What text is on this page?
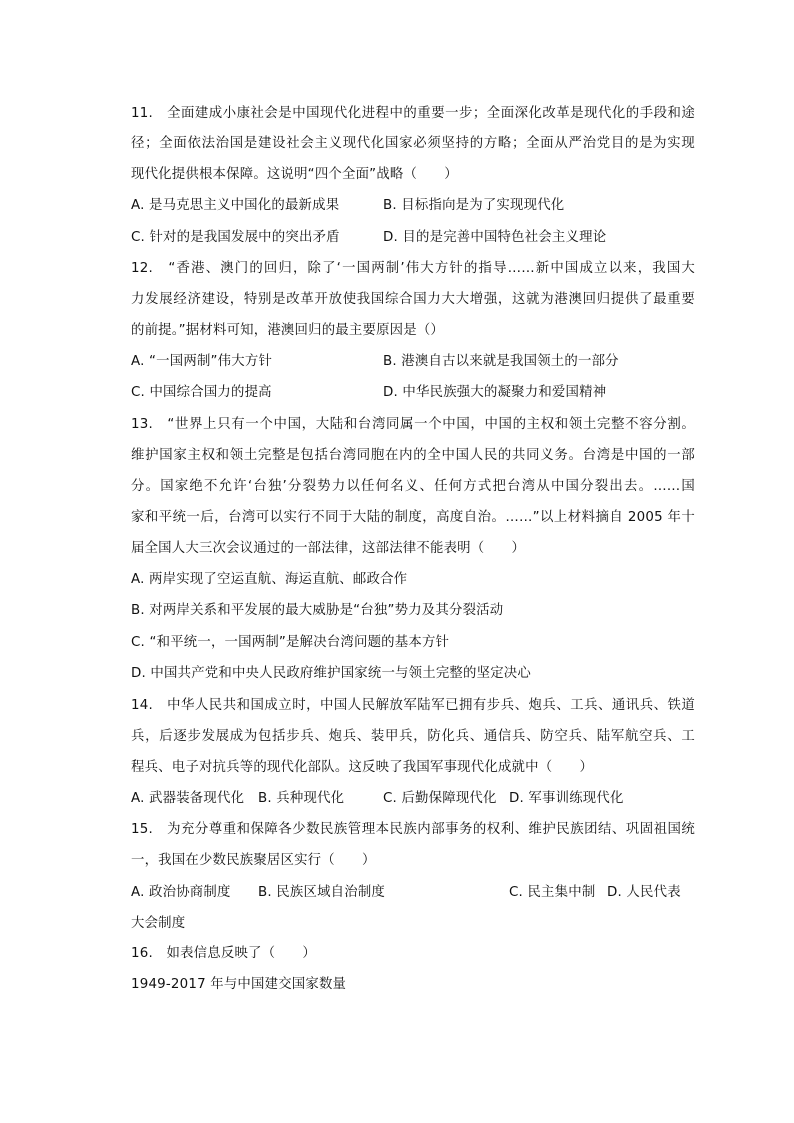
11.　全面建成小康社会是中国现代化进程中的重要一步；全面深化改革是现代化的手段和途
径；全面依法治国是建设社会主义现代化国家必须坚持的方略；全面从严治党目的是为实现
现代化提供根本保障。这说明“四个全面”战略（　　）
A. 是马克思主义中国化的最新成果	B. 目标指向是为了实现现代化
C. 针对的是我国发展中的突出矛盾	D. 目的是完善中国特色社会主义理论
12.　“香港、澳门的回归，除了‘一国两制’伟大方针的指导……新中国成立以来，我国大
力发展经济建设，特别是改革开放使我国综合国力大大增强，这就为港澳回归提供了最重要
的前提。”据材料可知，港澳回归的最主要原因是（）
A. “一国两制”伟大方针	B. 港澳自古以来就是我国领土的一部分
C. 中国综合国力的提高	D. 中华民族强大的凝聚力和爱国精神
13.　“世界上只有一个中国，大陆和台湾同属一个中国，中国的主权和领土完整不容分割。
维护国家主权和领土完整是包括台湾同胞在内的全中国人民的共同义务。台湾是中国的一部
分。国家绝不允许‘台独’分裂势力以任何名义、任何方式把台湾从中国分裂出去。……国
家和平统一后，台湾可以实行不同于大陆的制度，高度自治。……”以上材料摘自 2005 年十
届全国人大三次会议通过的一部法律，这部法律不能表明（　　）
A. 两岸实现了空运直航、海运直航、邮政合作
B. 对两岸关系和平发展的最大威胁是“台独”势力及其分裂活动
C. “和平统一，一国两制”是解决台湾问题的基本方针
D. 中国共产党和中央人民政府维护国家统一与领土完整的坚定决心
14.　中华人民共和国成立时，中国人民解放军陆军已拥有步兵、炮兵、工兵、通讯兵、铁道
兵，后逐步发展成为包括步兵、炮兵、装甲兵，防化兵、通信兵、防空兵、陆军航空兵、工
程兵、电子对抗兵等的现代化部队。这反映了我国军事现代化成就中（　　）
A. 武器装备现代化 B. 兵种现代化	C. 后勤保障现代化 D. 军事训练现代化
15.　为充分尊重和保障各少数民族管理本民族内部事务的权利、维护民族团结、巩固祖国统
一，我国在少数民族聚居区实行（　　）
A. 政治协商制度 B. 民族区域自治制度	C. 民主集中制 D. 人民代表
大会制度
16.　如表信息反映了（　　）
1949-2017 年与中国建交国家数量
